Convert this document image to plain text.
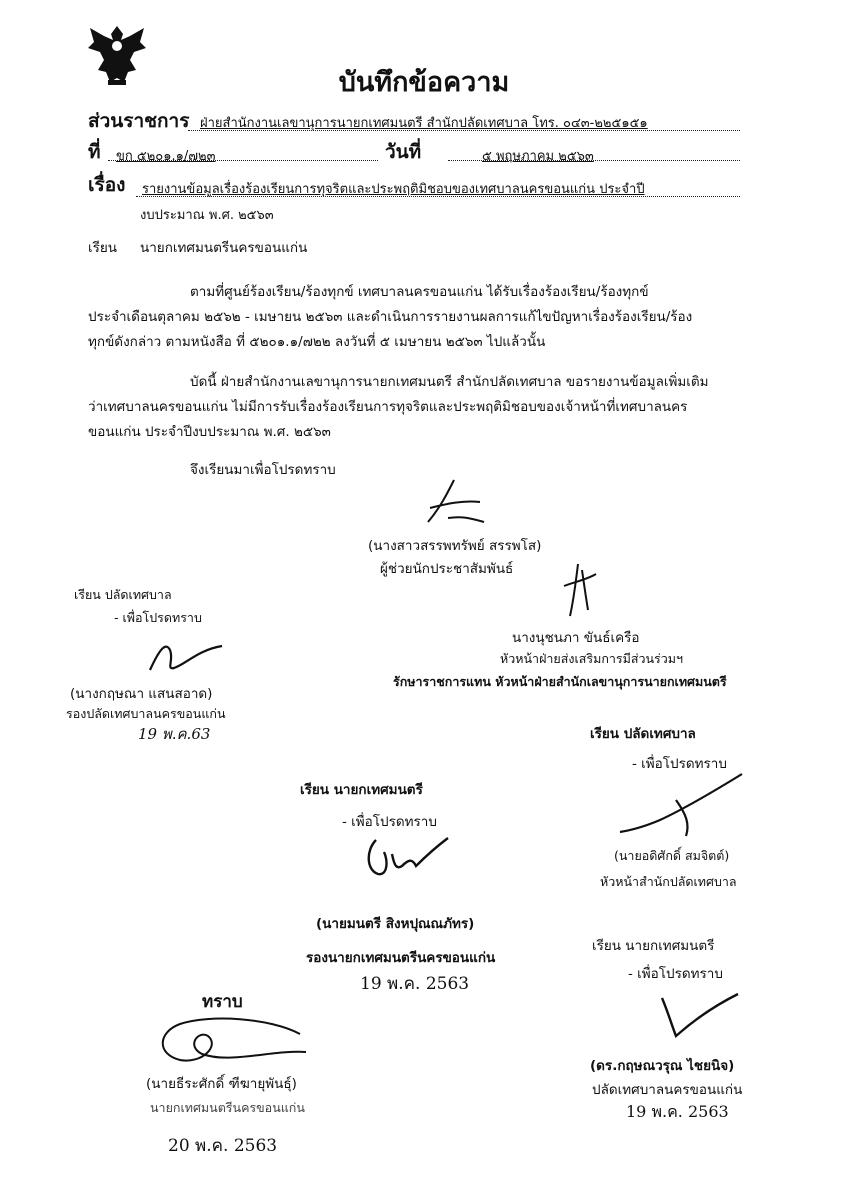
บันทึกข้อความ
ส่วนราชการ ฝ่ายสำนักงานเลขานุการนายกเทศมนตรี สำนักปลัดเทศบาล โทร. ๐๔๓-๒๒๕๑๕๑
ที่ ขก ๕๒๐๑.๑/๗๒๓	วันที่	๕ พฤษภาคม ๒๕๖๓
เรื่อง รายงานข้อมูลเรื่องร้องเรียนการทุจริตและประพฤติมิชอบของเทศบาลนครขอนแก่น ประจำปี
งบประมาณ พ.ศ. ๒๕๖๓
เรียน นายกเทศมนตรีนครขอนแก่น
ตามที่ศูนย์ร้องเรียน/ร้องทุกข์ เทศบาลนครขอนแก่น ได้รับเรื่องร้องเรียน/ร้องทุกข์
ประจำเดือนตุลาคม ๒๕๖๒ - เมษายน ๒๕๖๓ และดำเนินการรายงานผลการแก้ไขปัญหาเรื่องร้องเรียน/ร้อง
ทุกข์ดังกล่าว ตามหนังสือ ที่ ๕๒๐๑.๑/๗๒๒ ลงวันที่ ๕ เมษายน ๒๕๖๓ ไปแล้วนั้น
บัดนี้ ฝ่ายสำนักงานเลขานุการนายกเทศมนตรี สำนักปลัดเทศบาล ขอรายงานข้อมูลเพิ่มเติม
ว่าเทศบาลนครขอนแก่น ไม่มีการรับเรื่องร้องเรียนการทุจริตและประพฤติมิชอบของเจ้าหน้าที่เทศบาลนคร
ขอนแก่น ประจำปีงบประมาณ พ.ศ. ๒๕๖๓
จึงเรียนมาเพื่อโปรดทราบ
(นางสาวสรรพทรัพย์ สรรพโส)
ผู้ช่วยนักประชาสัมพันธ์
นางนุชนภา ขันธ์เครือ
หัวหน้าฝ่ายส่งเสริมการมีส่วนร่วมฯ
รักษาราชการแทน หัวหน้าฝ่ายสำนักเลขานุการนายกเทศมนตรี
เรียน ปลัดเทศบาล
- เพื่อโปรดทราบ
(นางกฤษณา แสนสอาด)
รองปลัดเทศบาลนครขอนแก่น
19 พ.ค.63	เรียน ปลัดเทศบาล
- เพื่อโปรดทราบ
(นายอดิศักดิ์ สมจิตต์)
หัวหน้าสำนักปลัดเทศบาล
เรียน นายกเทศมนตรี
- เพื่อโปรดทราบ
(นายมนตรี สิงหปุณณภัทร)
รองนายกเทศมนตรีนครขอนแก่น
19 พ.ค. 2563
เรียน นายกเทศมนตรี
- เพื่อโปรดทราบ
(ดร.กฤษณวรุณ ไชยนิจ)
ปลัดเทศบาลนครขอนแก่น
19 พ.ค. 2563
ทราบ
(นายธีระศักดิ์ ฑีฆายุพันธุ์)
นายกเทศมนตรีนครขอนแก่น
20 พ.ค. 2563
